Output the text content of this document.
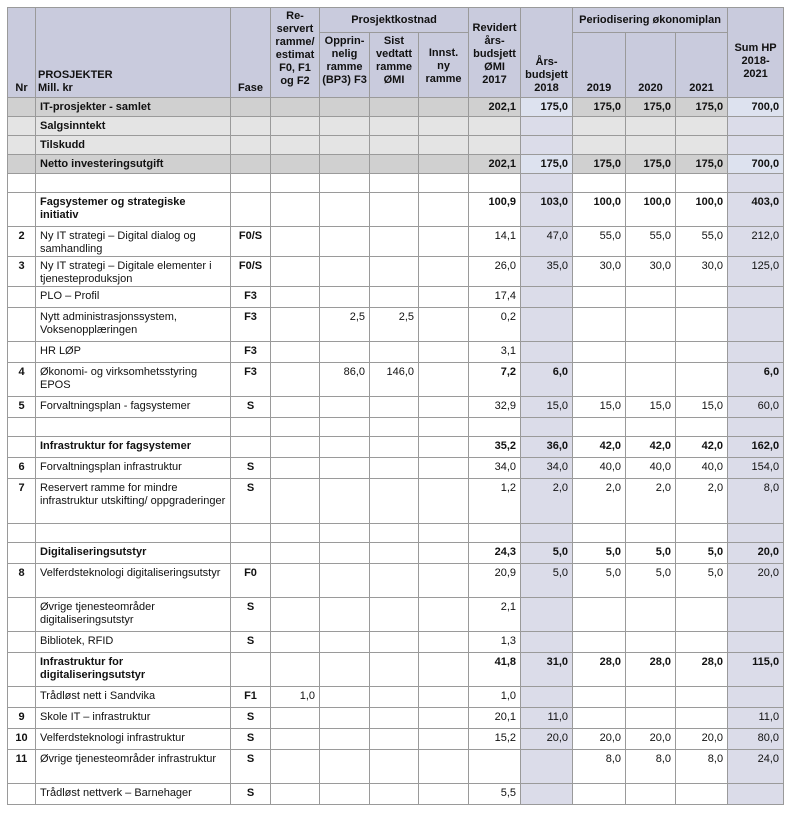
Nr	PROSJEKTER
Mill. kr	Fase	Re-servert ramme/ estimat F0, F1 og F2	Prosjektkostnad			Revidert års-budsjett ØMI 2017	Års-budsjett 2018	Periodisering økonomiplan			Sum HP 2018-2021
				Opprin-nelig ramme (BP3) F3	Sist vedtatt ramme ØMI	Innst. ny ramme			2019	2020	2021	

	IT-prosjekter - samlet						202,1	175,0	175,0	175,0	175,0	700,0
	Salgsinntekt											
	Tilskudd											
	Netto investeringsutgift						202,1	175,0	175,0	175,0	175,0	700,0

	Fagsystemer og strategiske initiativ						100,9	103,0	100,0	100,0	100,0	403,0
2	Ny IT strategi – Digital dialog og samhandling	F0/S					14,1	47,0	55,0	55,0	55,0	212,0
3	Ny IT strategi – Digitale elementer i tjenesteproduksjon	F0/S					26,0	35,0	30,0	30,0	30,0	125,0
	PLO – Profil	F3					17,4					
	Nytt administrasjonssystem, Voksenopplæringen	F3		2,5	2,5		0,2					
	HR LØP	F3					3,1					
4	Økonomi- og virksomhetsstyring EPOS	F3		86,0	146,0		7,2	6,0				6,0
5	Forvaltningsplan - fagsystemer	S					32,9	15,0	15,0	15,0	15,0	60,0

	Infrastruktur for fagsystemer						35,2	36,0	42,0	42,0	42,0	162,0
6	Forvaltningsplan infrastruktur	S					34,0	34,0	40,0	40,0	40,0	154,0
7	Reservert ramme for mindre infrastruktur utskifting/ oppgraderinger	S					1,2	2,0	2,0	2,0	2,0	8,0

	Digitaliseringsutstyr						24,3	5,0	5,0	5,0	5,0	20,0
8	Velferdsteknologi digitaliseringsutstyr	F0					20,9	5,0	5,0	5,0	5,0	20,0
	Øvrige tjenesteområder digitaliseringsutstyr	S					2,1					
	Bibliotek, RFID	S					1,3					
	Infrastruktur for digitaliseringsutstyr						41,8	31,0	28,0	28,0	28,0	115,0
	Trådløst nett i Sandvika	F1	1,0				1,0					
9	Skole IT – infrastruktur	S					20,1	11,0				11,0
10	Velferdsteknologi infrastruktur	S					15,2	20,0	20,0	20,0	20,0	80,0
11	Øvrige tjenesteområder infrastruktur	S							8,0	8,0	8,0	24,0
	Trådløst nettverk – Barnehager	S					5,5					
